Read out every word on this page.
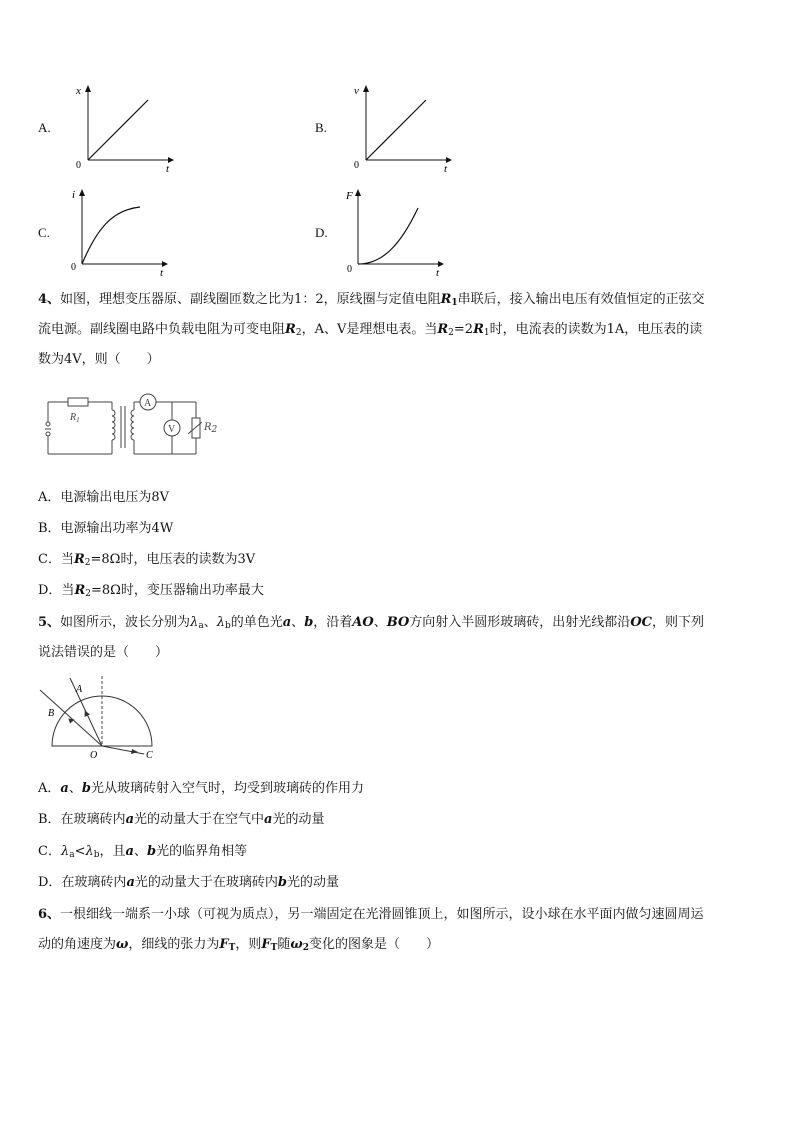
A.
x
t
0
B.
v
t
0
C.
i
t
0
D.
F
t
0
4、如图，理想变压器原、副线圈匝数之比为1：2，原线圈与定值电阻$R_1$串联后，接入输出电压有效值恒定的正弦交
流电源。副线圈电路中负载电阻为可变电阻$R_2$，A、V是理想电表。当$R_2=2R_1$时，电流表的读数为1A，电压表的读
数为4V，则（　　）
$R_1$
A
V	$R_2$
A．电源输出电压为8V
B．电源输出功率为4W
C．当$R_2=8\Omega$时，电压表的读数为3V
D．当$R_2=8\Omega$时，变压器输出功率最大
5、如图所示，波长分别为$\lambda_a$、$\lambda_b$的单色光a、b，沿着AO、BO方向射入半圆形玻璃砖，出射光线都沿OC，则下列
说法错误的是（　　）
A
B
O	C
A．a、b光从玻璃砖射入空气时，均受到玻璃砖的作用力
B．在玻璃砖内a光的动量大于在空气中a光的动量
C．$\lambda_a<\lambda_b$，且a、b光的临界角相等
D．在玻璃砖内a光的动量大于在玻璃砖内b光的动量
6、一根细线一端系一小球（可视为质点），另一端固定在光滑圆锥顶上，如图所示，设小球在水平面内做匀速圆周运
动的角速度为ω，细线的张力为$F_T$，则$F_T$随$\omega_2$变化的图象是（　　）
